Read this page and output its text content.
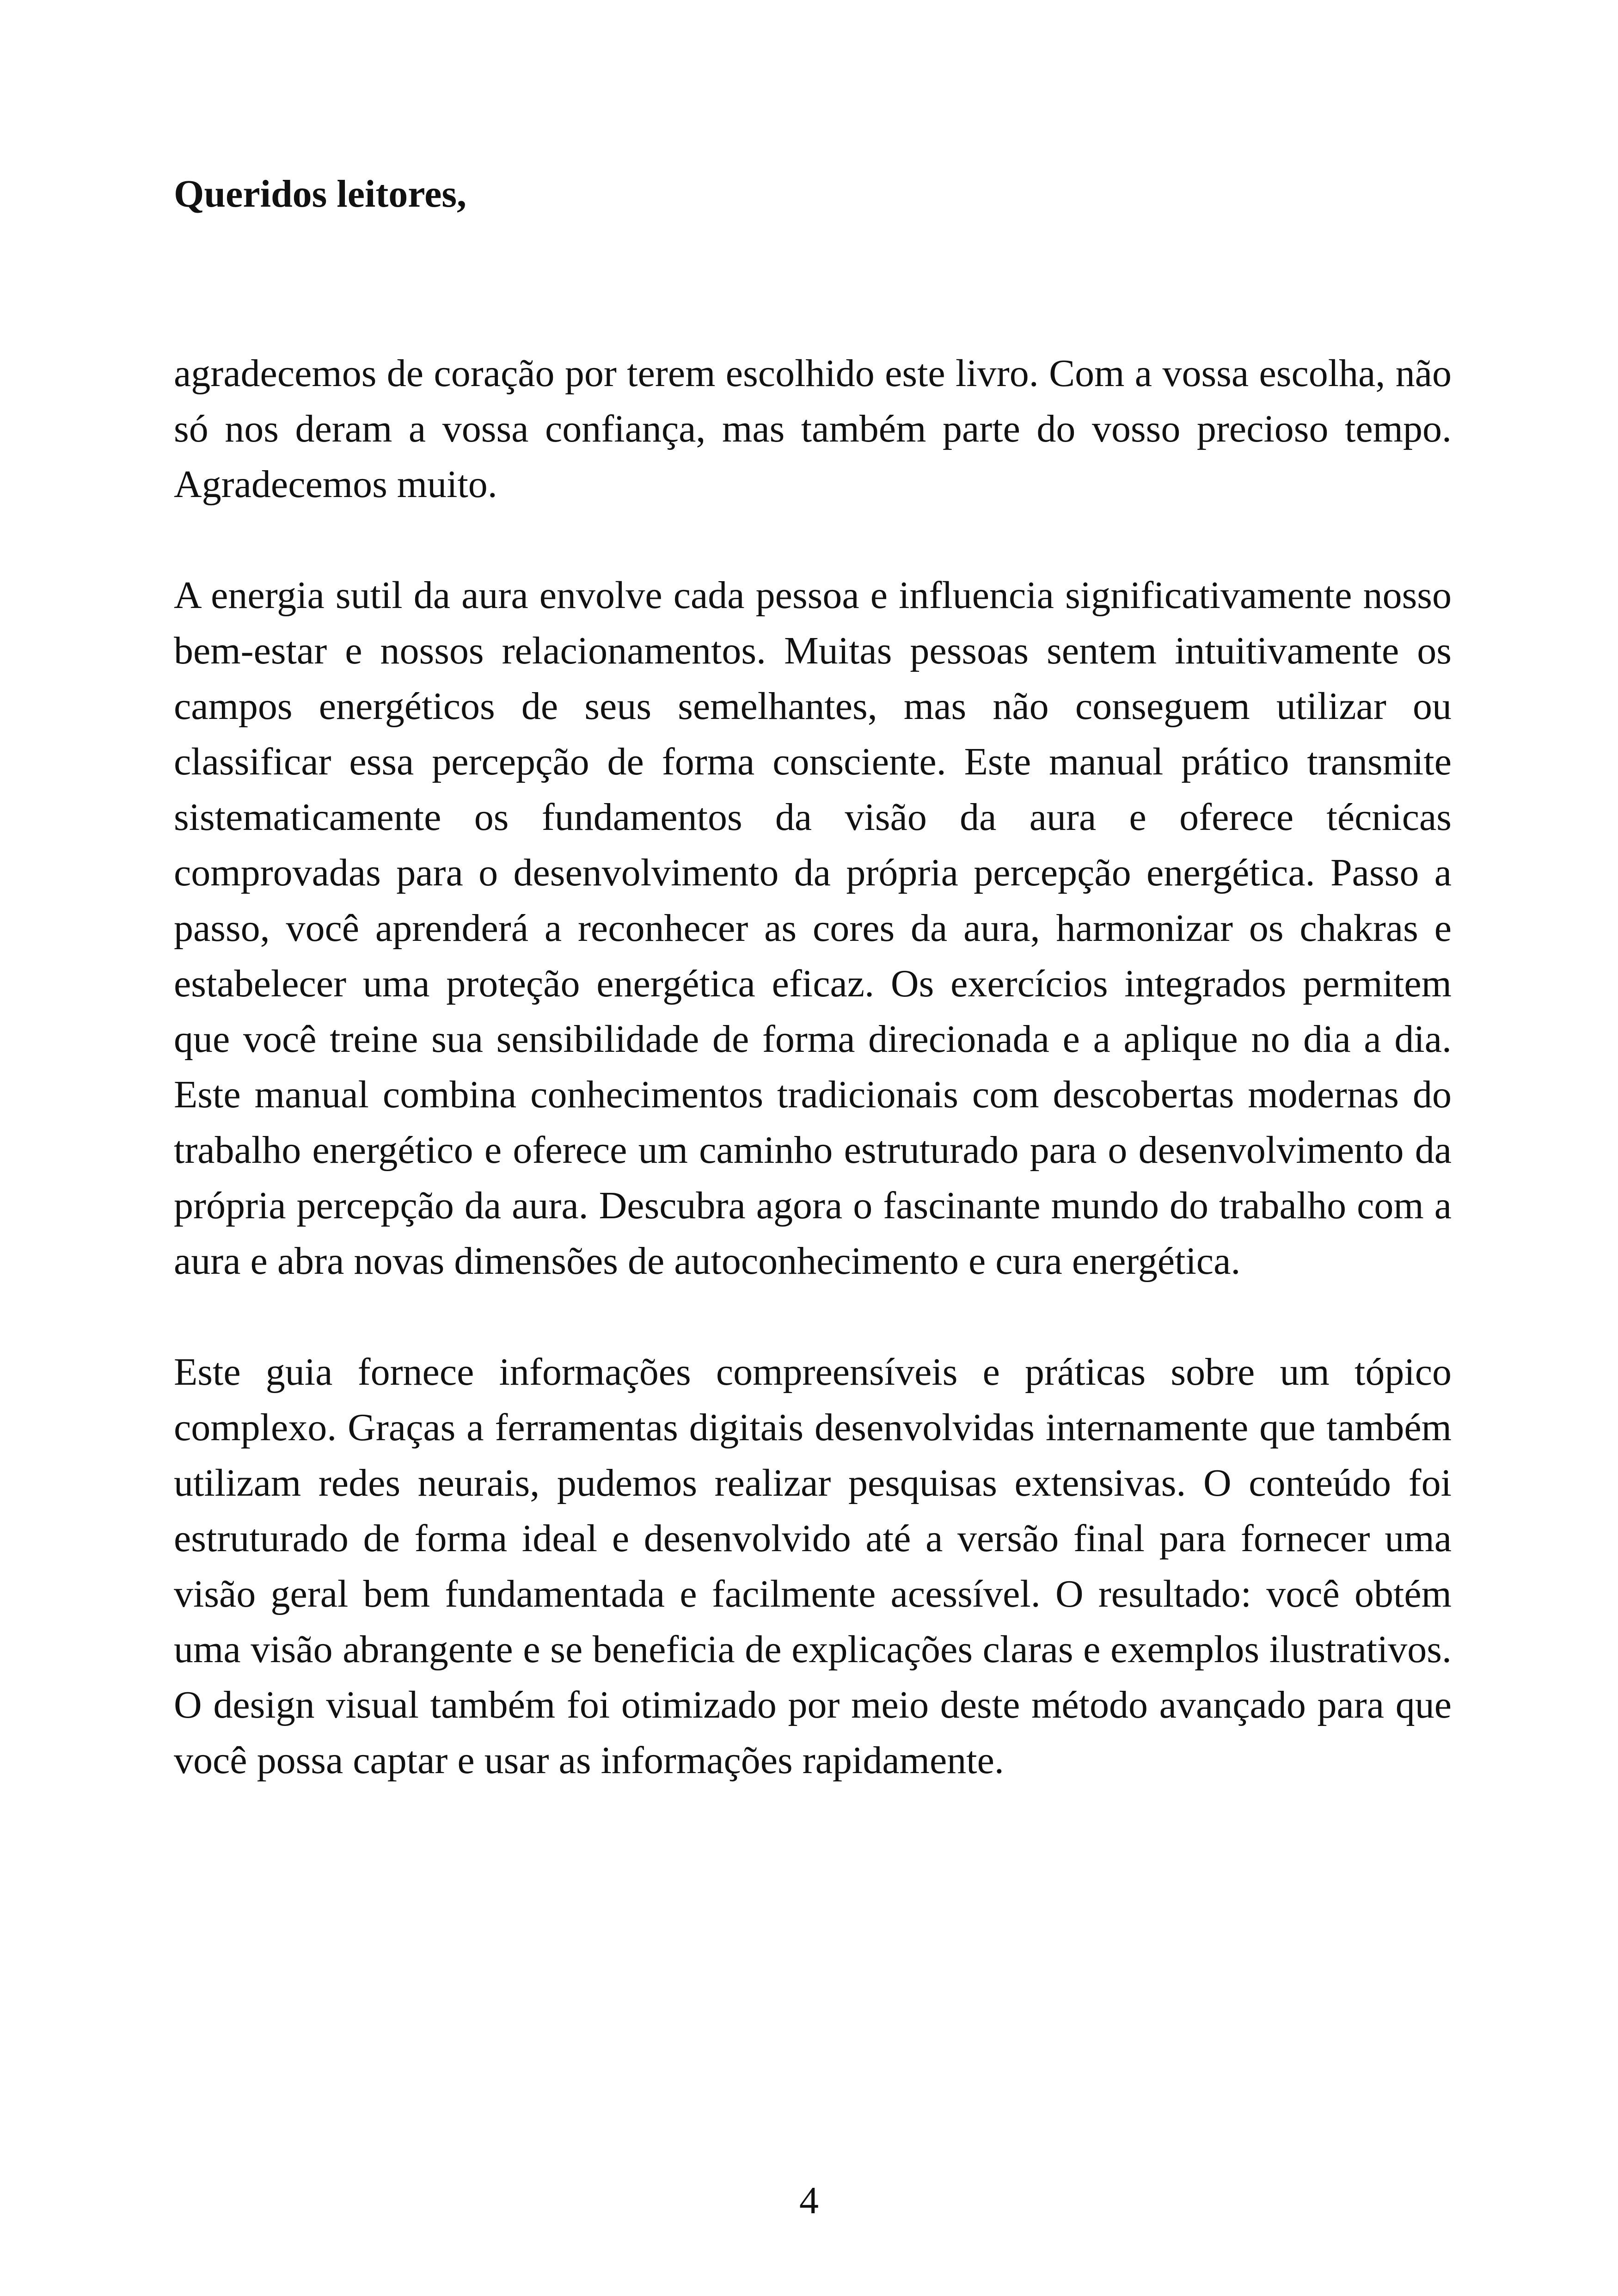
Queridos leitores,

agradecemos de coração por terem escolhido este livro. Com a vossa escolha, não só nos deram a vossa confiança, mas também parte do vosso precioso tempo. Agradecemos muito.

A energia sutil da aura envolve cada pessoa e influencia significativamente nosso bem-estar e nossos relacionamentos. Muitas pessoas sentem intuitivamente os campos energéticos de seus semelhantes, mas não conseguem utilizar ou classificar essa percepção de forma consciente. Este manual prático transmite sistematicamente os fundamentos da visão da aura e oferece técnicas comprovadas para o desenvolvimento da própria percepção energética. Passo a passo, você aprenderá a reconhecer as cores da aura, harmonizar os chakras e estabelecer uma proteção energética eficaz. Os exercícios integrados permitem que você treine sua sensibilidade de forma direcionada e a aplique no dia a dia. Este manual combina conhecimentos tradicionais com descobertas modernas do trabalho energético e oferece um caminho estruturado para o desenvolvimento da própria percepção da aura. Descubra agora o fascinante mundo do trabalho com a aura e abra novas dimensões de autoconhecimento e cura energética.

Este guia fornece informações compreensíveis e práticas sobre um tópico complexo. Graças a ferramentas digitais desenvolvidas internamente que também utilizam redes neurais, pudemos realizar pesquisas extensivas. O conteúdo foi estruturado de forma ideal e desenvolvido até a versão final para fornecer uma visão geral bem fundamentada e facilmente acessível. O resultado: você obtém uma visão abrangente e se beneficia de explicações claras e exemplos ilustrativos. O design visual também foi otimizado por meio deste método avançado para que você possa captar e usar as informações rapidamente.

4
